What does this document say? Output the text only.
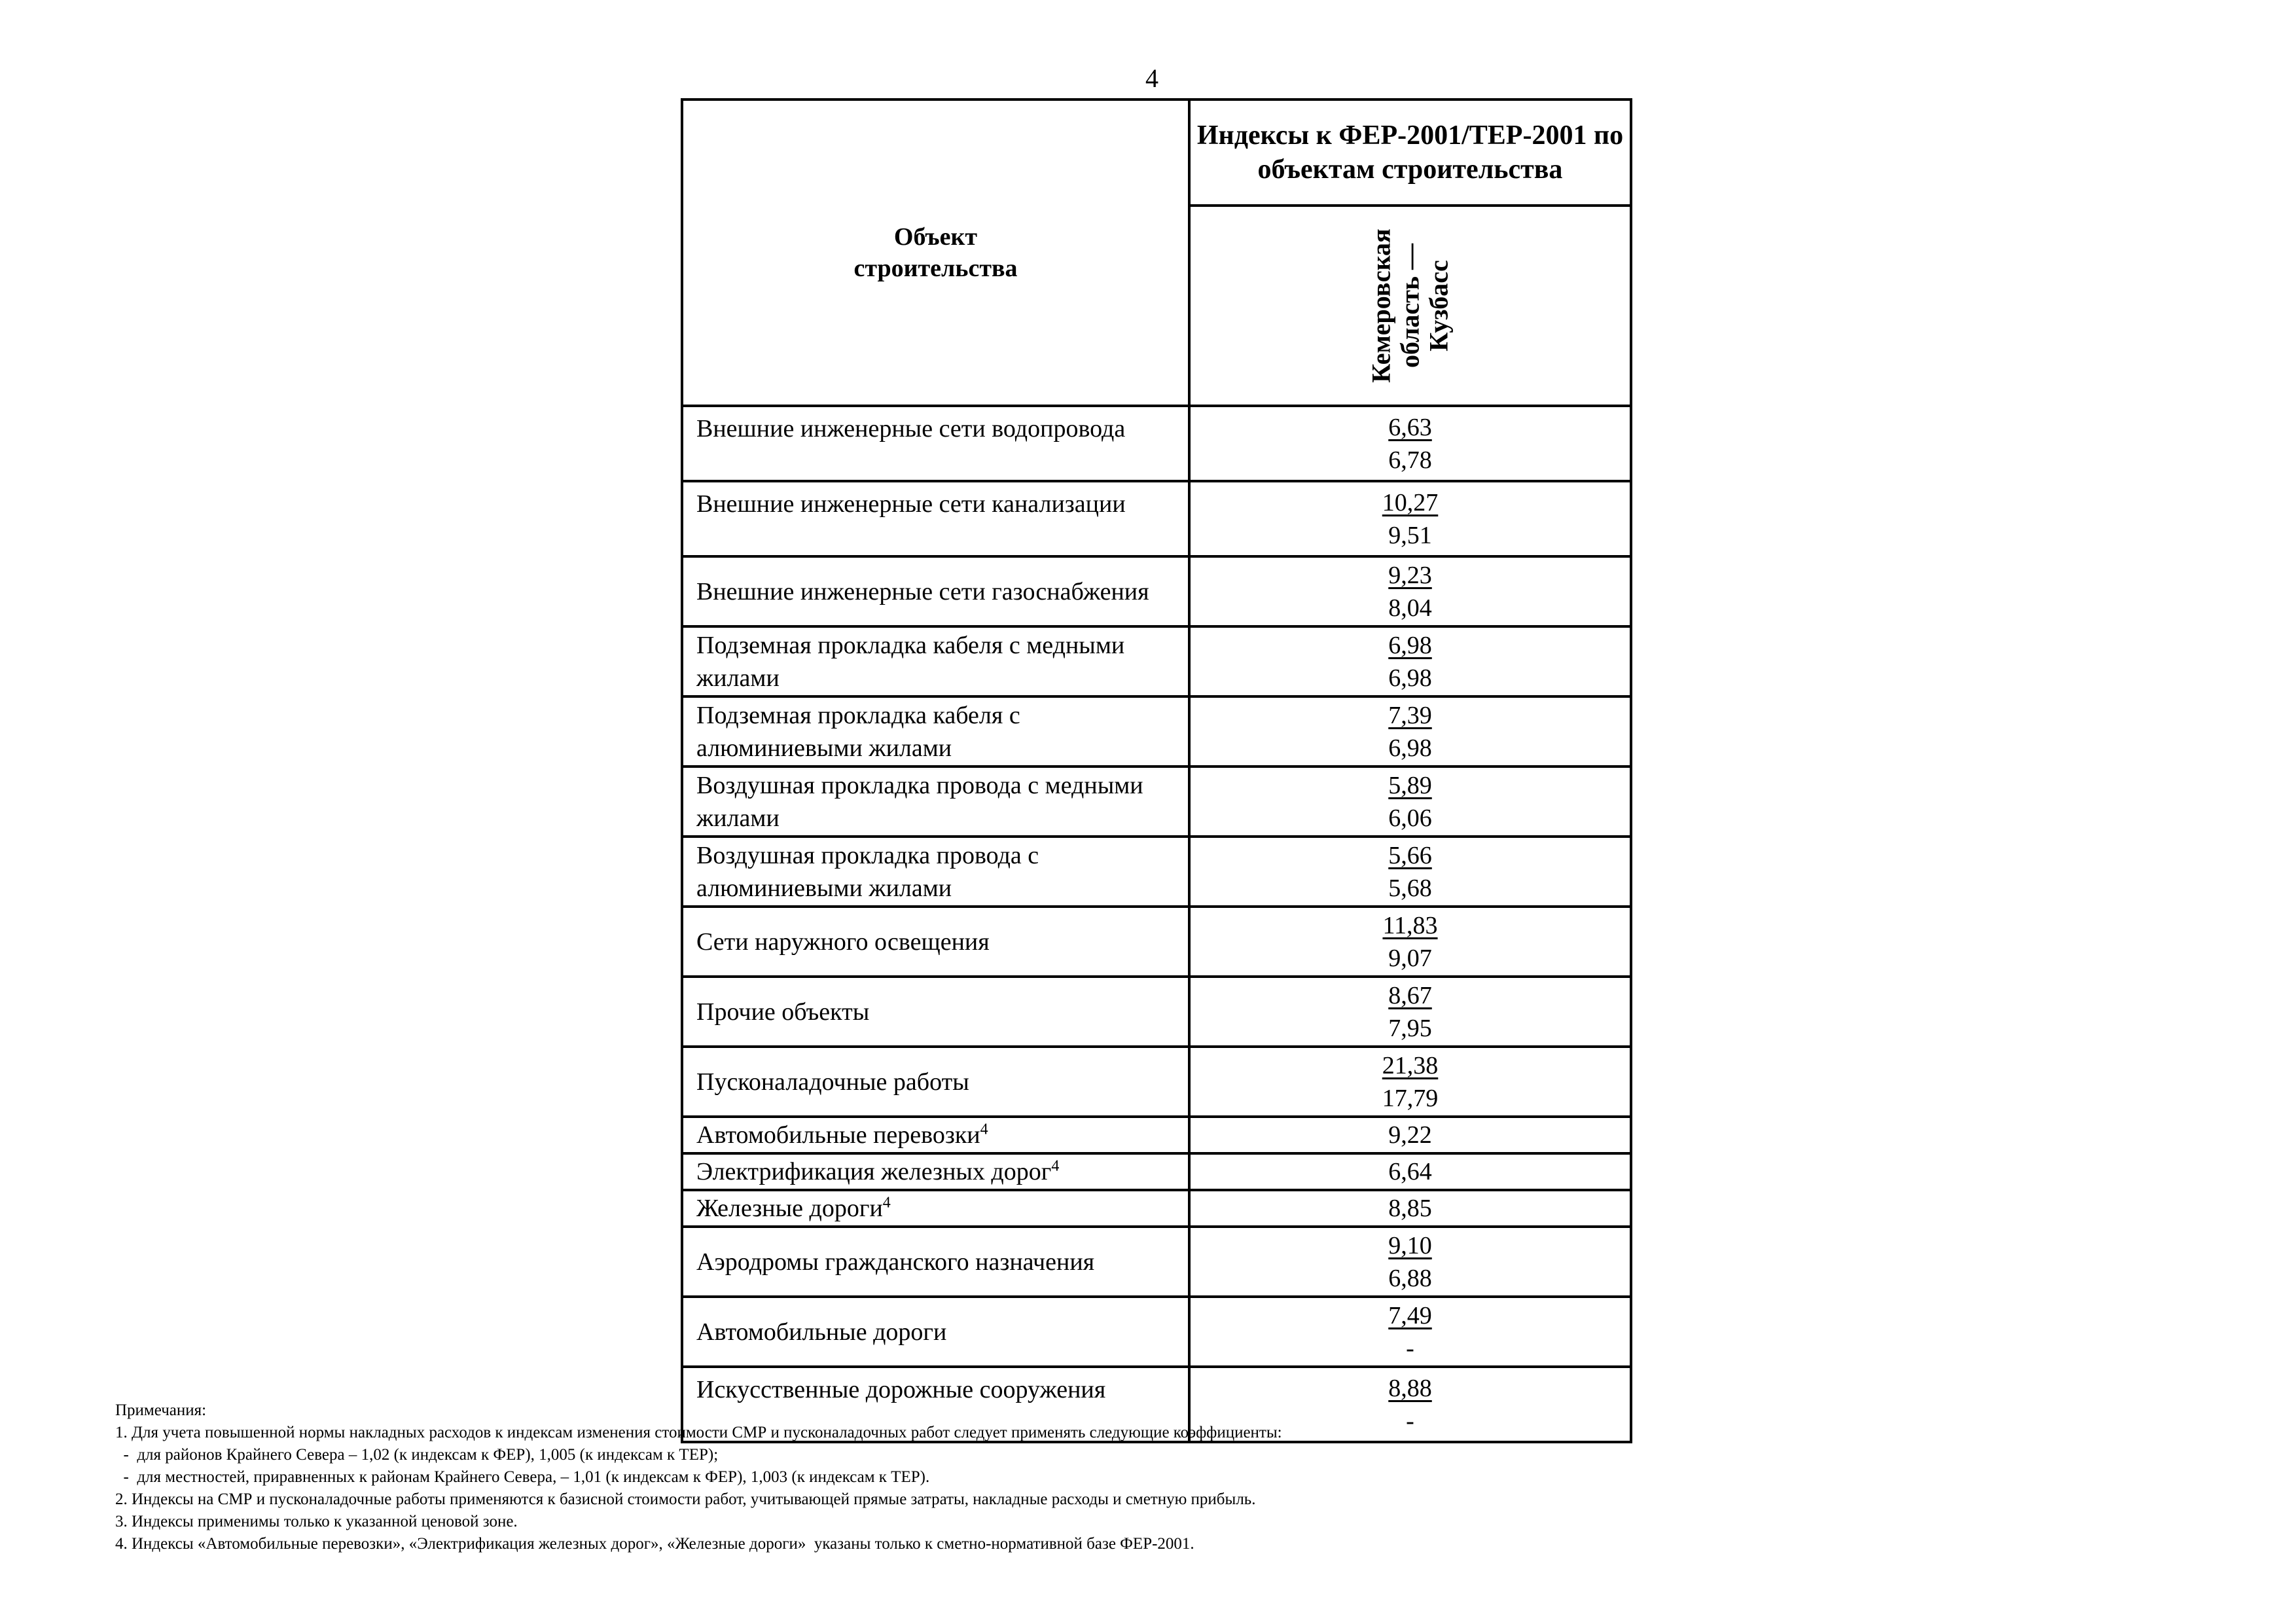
4
Объект
строительства	Индексы к ФЕР-2001/ТЕР-2001 по объектам строительства
	Кемеровская
область —
Кузбасс
Внешние инженерные сети водопровода	6,63
6,78
Внешние инженерные сети канализации	10,27
9,51
Внешние инженерные сети газоснабжения	9,23
8,04
Подземная прокладка кабеля с медными жилами	6,98
6,98
Подземная прокладка кабеля с алюминиевыми жилами	7,39
6,98
Воздушная прокладка провода с медными жилами	5,89
6,06
Воздушная прокладка провода с алюминиевыми жилами	5,66
5,68
Сети наружного освещения	11,83
9,07
Прочие объекты	8,67
7,95
Пусконаладочные работы	21,38
17,79
Автомобильные перевозки$^4$	9,22
Электрификация железных дорог$^4$	6,64
Железные дороги$^4$	8,85
Аэродромы гражданского назначения	9,10
6,88
Автомобильные дороги	7,49
-
Искусственные дорожные сооружения	8,88
-
Примечания:
1. Для учета повышенной нормы накладных расходов к индексам изменения стоимости СМР и пусконаладочных работ следует применять следующие коэффициенты:
-  для районов Крайнего Севера – 1,02 (к индексам к ФЕР), 1,005 (к индексам к ТЕР);
-  для местностей, приравненных к районам Крайнего Севера, – 1,01 (к индексам к ФЕР), 1,003 (к индексам к ТЕР).
2. Индексы на СМР и пусконаладочные работы применяются к базисной стоимости работ, учитывающей прямые затраты, накладные расходы и сметную прибыль.
3. Индексы применимы только к указанной ценовой зоне.
4. Индексы «Автомобильные перевозки», «Электрификация железных дорог», «Железные дороги»  указаны только к сметно-нормативной базе ФЕР-2001.
